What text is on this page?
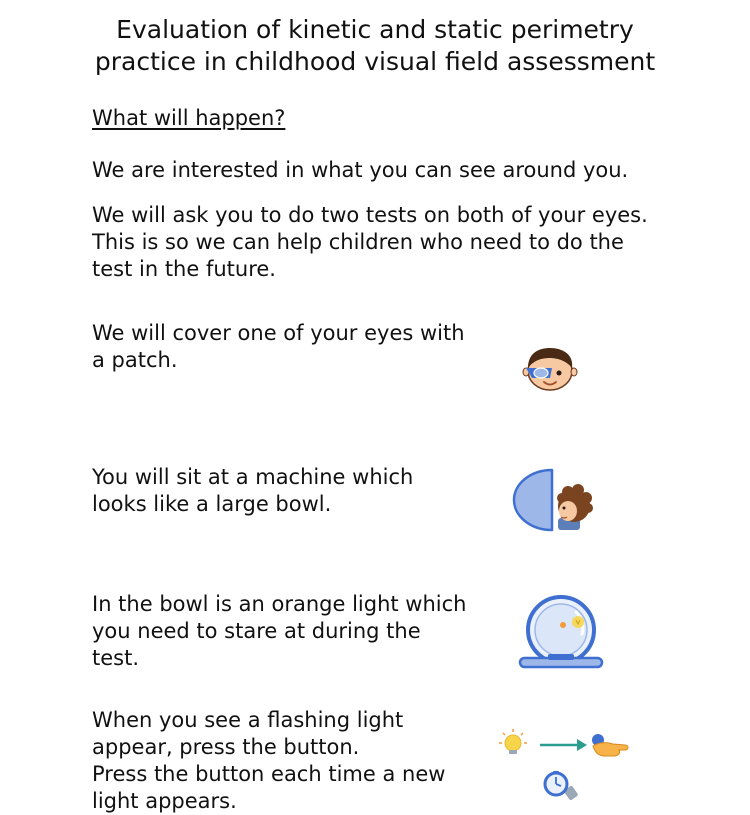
Evaluation of kinetic and static perimetry
practice in childhood visual field assessment
What will happen?

We are interested in what you can see around you.

We will ask you to do two tests on both of your eyes.
This is so we can help children who need to do the
test in the future.

We will cover one of your eyes with
a patch.

You will sit at a machine which
looks like a large bowl.

In the bowl is an orange light which
you need to stare at during the
test.

When you see a flashing light
appear, press the button.
Press the button each time a new
light appears.
